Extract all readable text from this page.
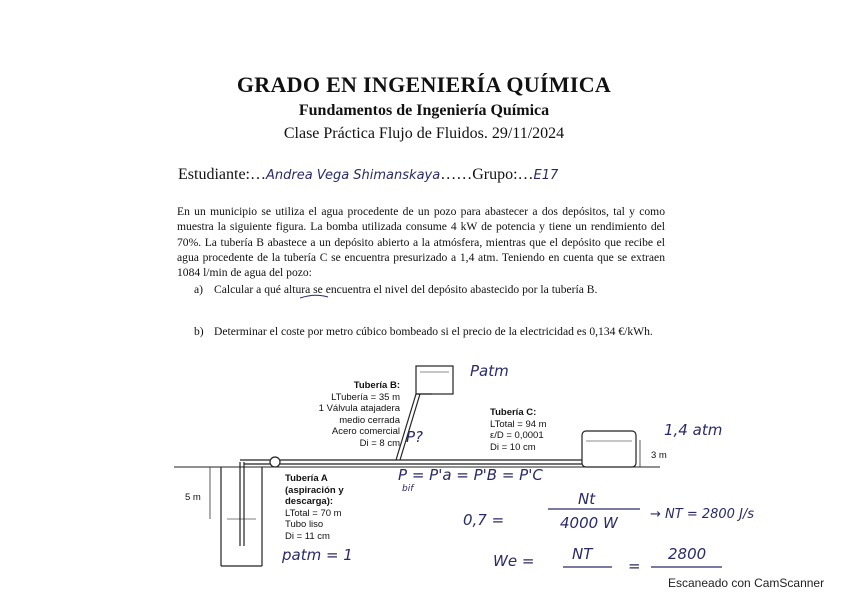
GRADO EN INGENIERÍA QUÍMICA
Fundamentos de Ingeniería Química
Clase Práctica Flujo de Fluidos. 29/11/2024
Estudiante:…Andrea Vega Shimanskaya……Grupo:…E17
En un municipio se utiliza el agua procedente de un pozo para abastecer a dos depósitos, tal y como muestra la siguiente figura. La bomba utilizada consume 4 kW de potencia y tiene un rendimiento del 70%. La tubería B abastece a un depósito abierto a la atmósfera, mientras que el depósito que recibe el agua procedente de la tubería C se encuentra presurizado a 1,4 atm. Teniendo en cuenta que se extraen 1084 l/min de agua del pozo:
a) Calcular a qué altura se encuentra el nivel del depósito abastecido por la tubería B.
b) Determinar el coste por metro cúbico bombeado si el precio de la electricidad es 0,134 €/kWh.
Tubería B:
LTubería = 35 m
1 Válvula atajadera
medio cerrada
Acero comercial
Di = 8 cm
Tubería C:
LTotal = 94 m
ε/D = 0,0001
Di = 10 cm
Tubería A
(aspiración y
descarga):
LTotal = 70 m
Tubo liso
Di = 11 cm
5 m
3 m
Patm
1,4 atm
P?
P = P'a = P'B = P'C
bif
patm = 1
0,7 =
Nt
4000 W → NT = 2800 J/s
We =	NT
=
2800
Escaneado con CamScanner
